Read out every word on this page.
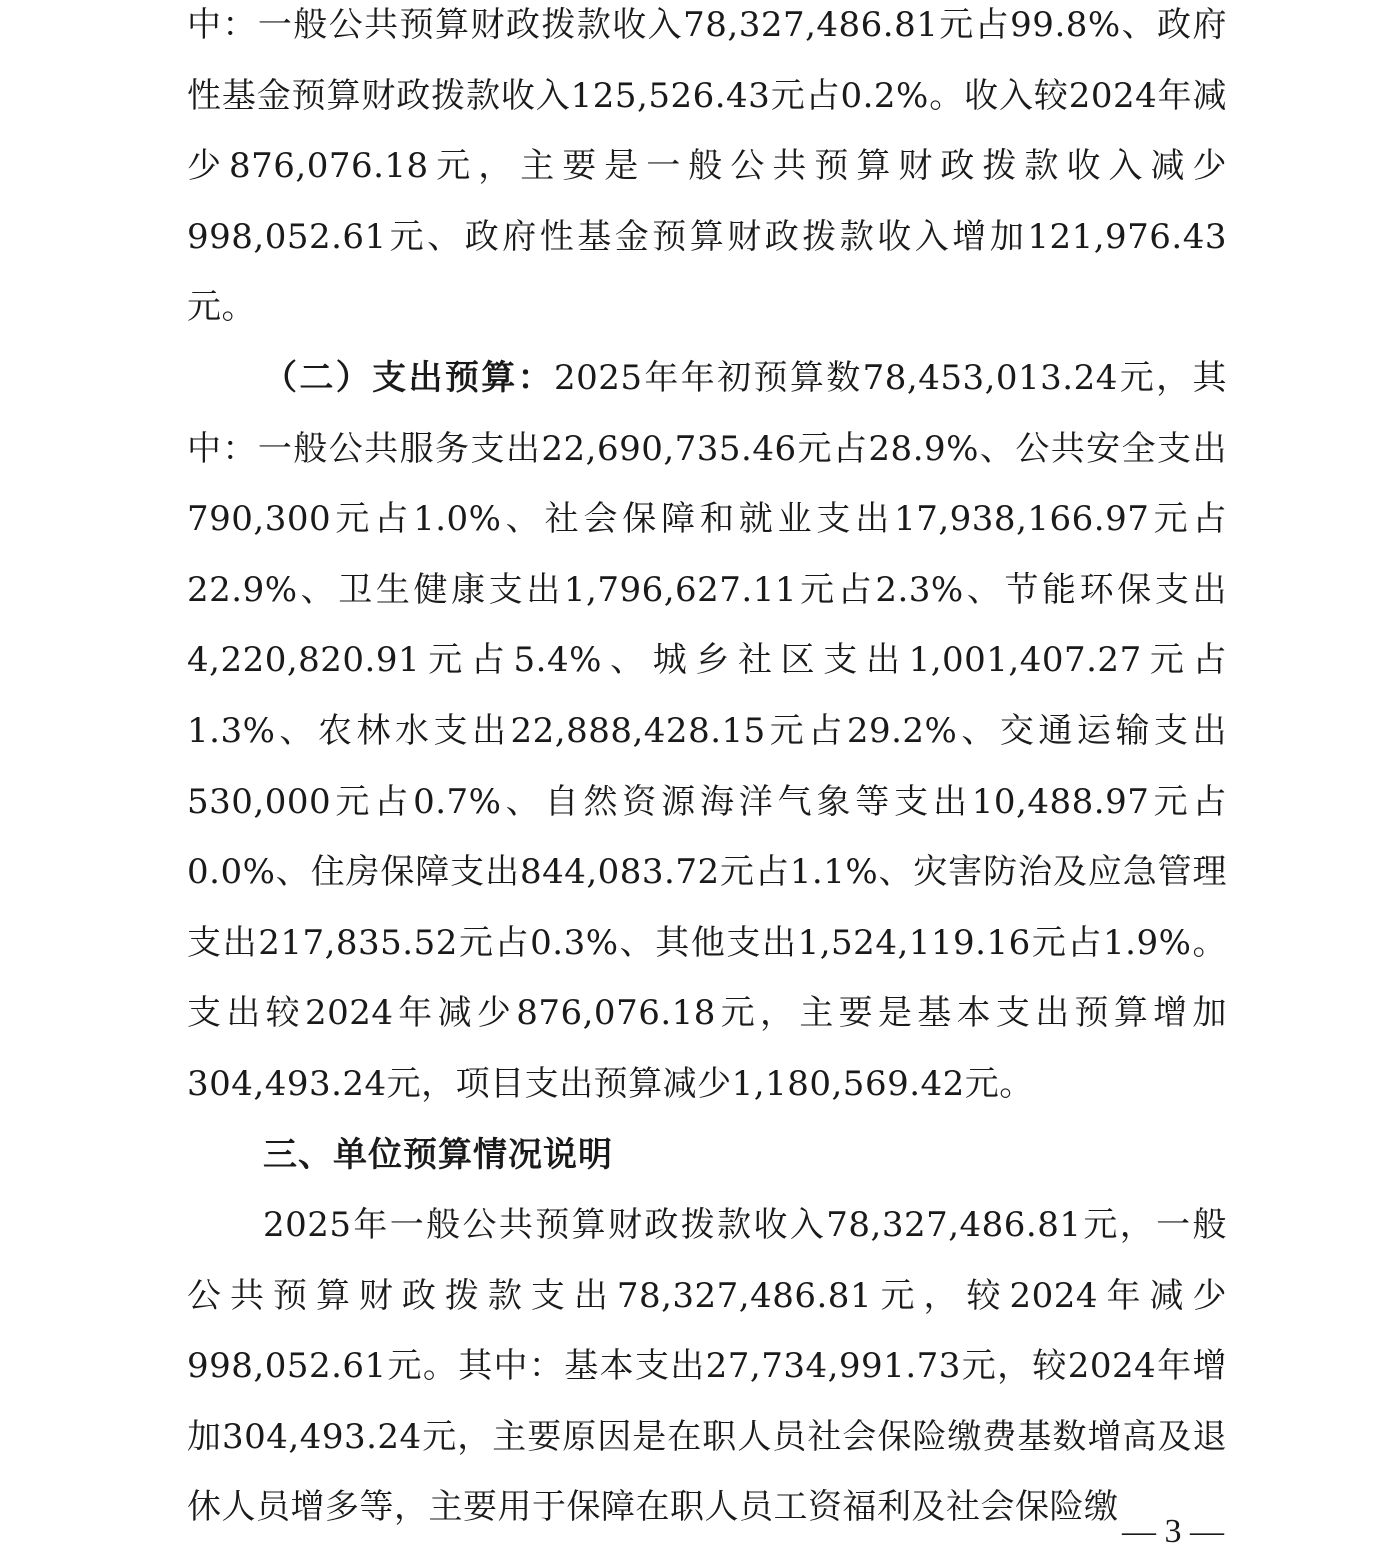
中：一般公共预算财政拨款收入78,327,486.81元占99.8%、政府性基金预算财政拨款收入125,526.43元占0.2%。收入较2024年减少876,076.18元，主要是一般公共预算财政拨款收入减少998,052.61元、政府性基金预算财政拨款收入增加121,976.43元。

（二）支出预算：2025年年初预算数78,453,013.24元，其中：一般公共服务支出22,690,735.46元占28.9%、公共安全支出790,300元占1.0%、社会保障和就业支出17,938,166.97元占22.9%、卫生健康支出1,796,627.11元占2.3%、节能环保支出4,220,820.91元占5.4%、城乡社区支出1,001,407.27元占1.3%、农林水支出22,888,428.15元占29.2%、交通运输支出530,000元占0.7%、自然资源海洋气象等支出10,488.97元占0.0%、住房保障支出844,083.72元占1.1%、灾害防治及应急管理支出217,835.52元占0.3%、其他支出1,524,119.16元占1.9%。支出较2024年减少876,076.18元，主要是基本支出预算增加304,493.24元，项目支出预算减少1,180,569.42元。

三、单位预算情况说明

2025年一般公共预算财政拨款收入78,327,486.81元，一般公共预算财政拨款支出78,327,486.81元，较2024年减少998,052.61元。其中：基本支出27,734,991.73元，较2024年增加304,493.24元，主要原因是在职人员社会保险缴费基数增高及退休人员增多等，主要用于保障在职人员工资福利及社会保险缴

— 3 —
